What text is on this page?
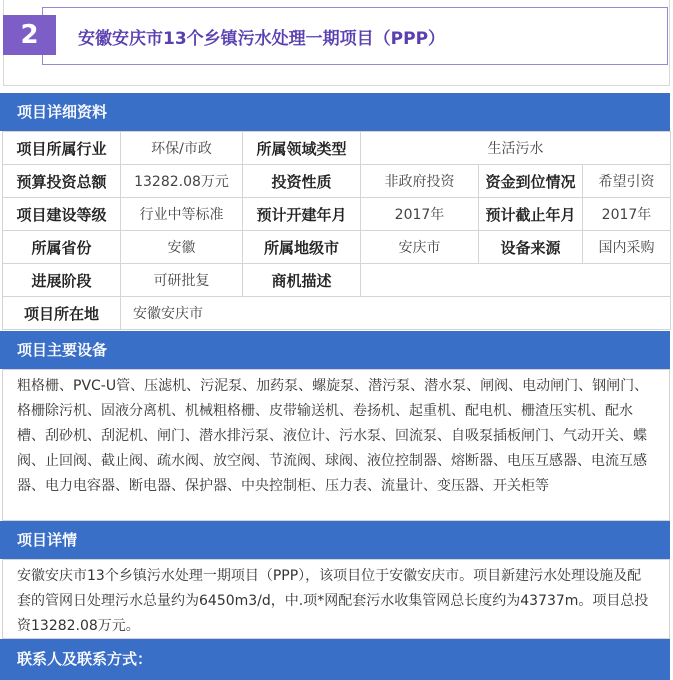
2	安徽安庆市13个乡镇污水处理一期项目（PPP）
项目详细资料
项目所属行业	环保/市政	所属领域类型	生活污水		
预算投资总额	13282.08万元	投资性质	非政府投资	资金到位情况	希望引资
项目建设等级	行业中等标准	预计开建年月	2017年	预计截止年月	2017年
所属省份	安徽	所属地级市	安庆市	设备来源	国内采购
进展阶段	可研批复	商机描述			
项目所在地	安徽安庆市				
项目主要设备
粗格栅、PVC-U管、压滤机、污泥泵、加药泵、螺旋泵、潜污泵、潜水泵、闸阀、电动闸门、钢闸门、格栅除污机、固液分离机、机械粗格栅、皮带输送机、卷扬机、起重机、配电机、栅渣压实机、配水槽、刮砂机、刮泥机、闸门、潜水排污泵、液位计、污水泵、回流泵、自吸泵插板闸门、气动开关、蝶阀、止回阀、截止阀、疏水阀、放空阀、节流阀、球阀、液位控制器、熔断器、电压互感器、电流互感器、电力电容器、断电器、保护器、中央控制柜、压力表、流量计、变压器、开关柜等
项目详情
安徽安庆市13个乡镇污水处理一期项目（PPP），该项目位于安徽安庆市。项目新建污水处理设施及配套的管网日处理污水总量约为6450m3/d，中.项*网配套污水收集管网总长度约为43737m。项目总投资13282.08万元。
联系人及联系方式：
